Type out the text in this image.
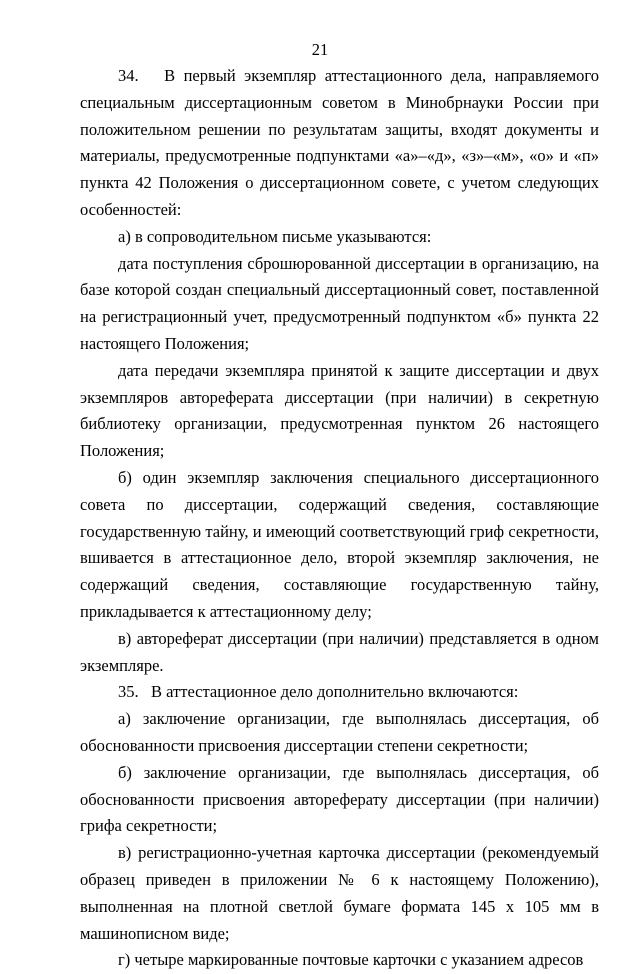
21

34.   В первый экземпляр аттестационного дела, направляемого специальным диссертационным советом в Минобрнауки России при положительном решении по результатам защиты, входят документы и материалы, предусмотренные подпунктами «а»–«д», «з»–«м», «о» и «п» пункта 42 Положения о диссертационном совете, с учетом следующих особенностей:

а) в сопроводительном письме указываются:

дата поступления сброшюрованной диссертации в организацию, на базе которой создан специальный диссертационный совет, поставленной на регистрационный учет, предусмотренный подпунктом «б» пункта 22 настоящего Положения;

дата передачи экземпляра принятой к защите диссертации и двух экземпляров автореферата диссертации (при наличии) в секретную библиотеку организации, предусмотренная пунктом 26 настоящего Положения;

б) один экземпляр заключения специального диссертационного совета по диссертации, содержащий сведения, составляющие государственную тайну, и имеющий соответствующий гриф секретности, вшивается в аттестационное дело, второй экземпляр заключения, не содержащий сведения, составляющие государственную тайну, прикладывается к аттестационному делу;

в) автореферат диссертации (при наличии) представляется в одном экземпляре.

35.   В аттестационное дело дополнительно включаются:

а) заключение организации, где выполнялась диссертация, об обоснованности присвоения диссертации степени секретности;

б) заключение организации, где выполнялась диссертация, об обоснованности присвоения автореферату диссертации (при наличии) грифа секретности;

в) регистрационно-учетная карточка диссертации (рекомендуемый образец приведен в приложении № 6 к настоящему Положению), выполненная на плотной светлой бумаге формата 145 x 105 мм в машинописном виде;

г) четыре маркированные почтовые карточки с указанием адресов
